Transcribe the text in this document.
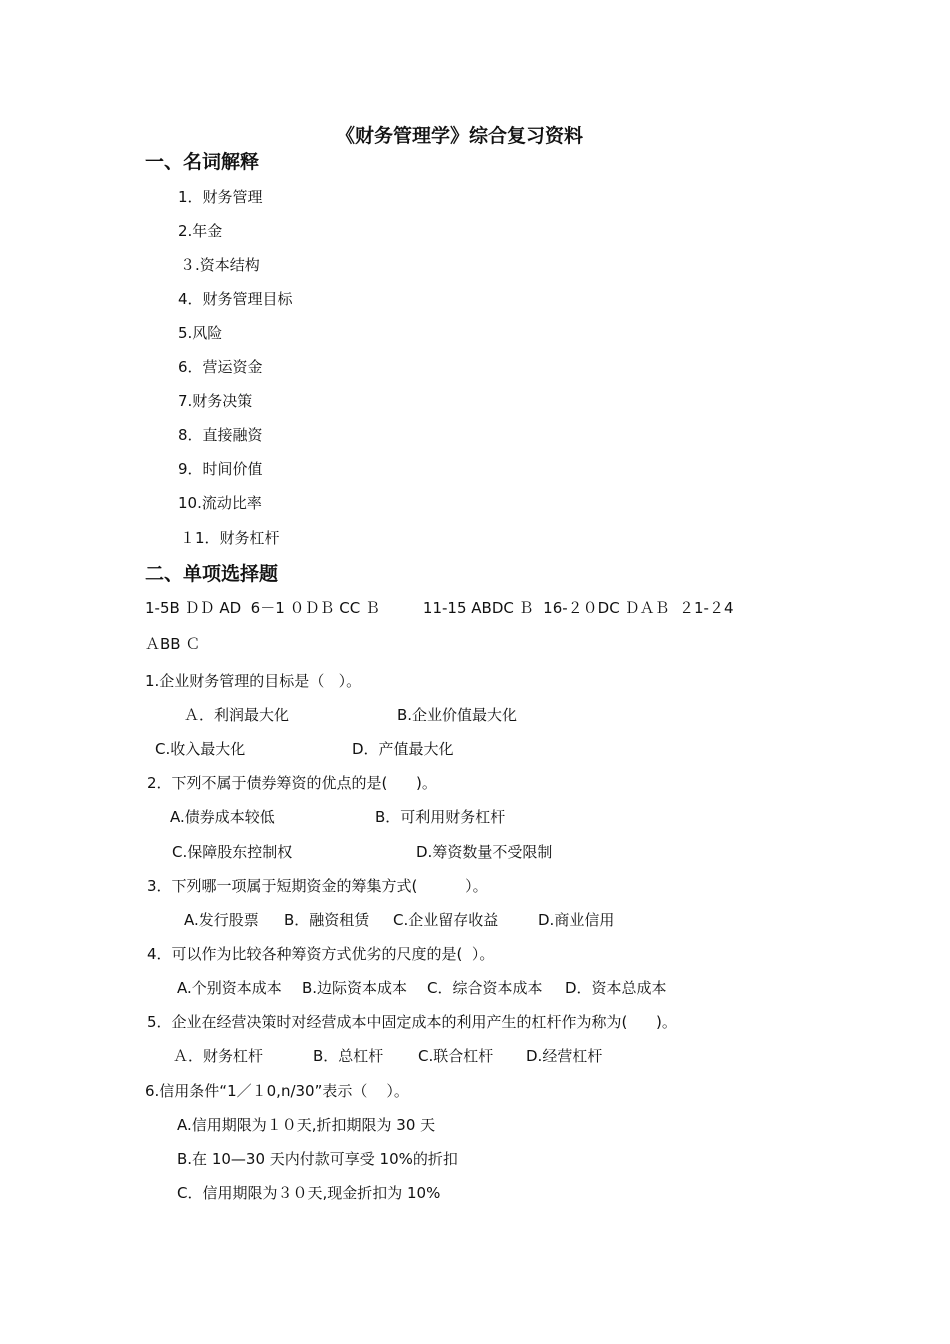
《财务管理学》综合复习资料
一、名词解释
1．财务管理
2.年金
３.资本结构
4．财务管理目标
5.风险
6．营运资金
7.财务决策
8．直接融资
9．时间价值
10.流动比率
１1．财务杠杆
二、单项选择题
1-5B ＤＤ AD  6－1 ０ＤＢ CC Ｂ         11-15 ABDC Ｂ  16-２０DC ＤＡＢ  ２1-２4
ＡBB Ｃ
1.企业财务管理的目标是（   ）。
Ａ．利润最大化	B.企业价值最大化
C.收入最大化	D．产值最大化
2．下列不属于债券筹资的优点的是(      )。
A.债券成本较低	B．可利用财务杠杆
C.保障股东控制权	D.筹资数量不受限制
3．下列哪一项属于短期资金的筹集方式(          ）。
A.发行股票 B．融资租赁 C.企业留存收益	D.商业信用
4．可以作为比较各种筹资方式优劣的尺度的是(  ）。
A.个别资本成本 B.边际资本成本 C．综合资本成本 D．资本总成本
5．企业在经营决策时对经营成本中固定成本的利用产生的杠杆作为称为(      )。
Ａ．财务杠杆	B．总杠杆 C.联合杠杆 D.经营杠杆
6.信用条件“1／１0,n/30”表示（    ）。
A.信用期限为１０天,折扣期限为 30 天
B.在 10—30 天内付款可享受 10%的折扣
C．信用期限为３０天,现金折扣为 10%
